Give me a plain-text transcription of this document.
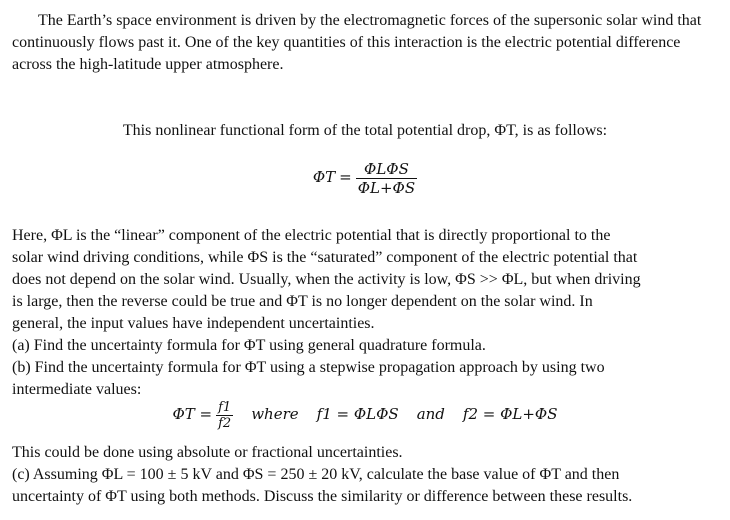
The Earth’s space environment is driven by the electromagnetic forces of the supersonic solar wind that continuously flows past it. One of the key quantities of this interaction is the electric potential difference across the high-latitude upper atmosphere.

This nonlinear functional form of the total potential drop, ΦT, is as follows:

$\Phi T = \frac{\text{ΦLΦS}}{\Phi L+\Phi S}$

Here, ΦL is the “linear” component of the electric potential that is directly proportional to the
solar wind driving conditions, while ΦS is the “saturated” component of the electric potential that
does not depend on the solar wind. Usually, when the activity is low, ΦS >> ΦL, but when driving
is large, then the reverse could be true and ΦT is no longer dependent on the solar wind. In
general, the input values have independent uncertainties.
(a) Find the uncertainty formula for ΦT using general quadrature formula.
(b) Find the uncertainty formula for ΦT using a stepwise propagation approach by using two
intermediate values:

$\Phi T = \frac{f1}{f2}$ where f1 = ΦLΦS and f2 = ΦL+ΦS

This could be done using absolute or fractional uncertainties.
(c) Assuming ΦL = 100 ± 5 kV and ΦS = 250 ± 20 kV, calculate the base value of ΦT and then
uncertainty of ΦT using both methods. Discuss the similarity or difference between these results.
